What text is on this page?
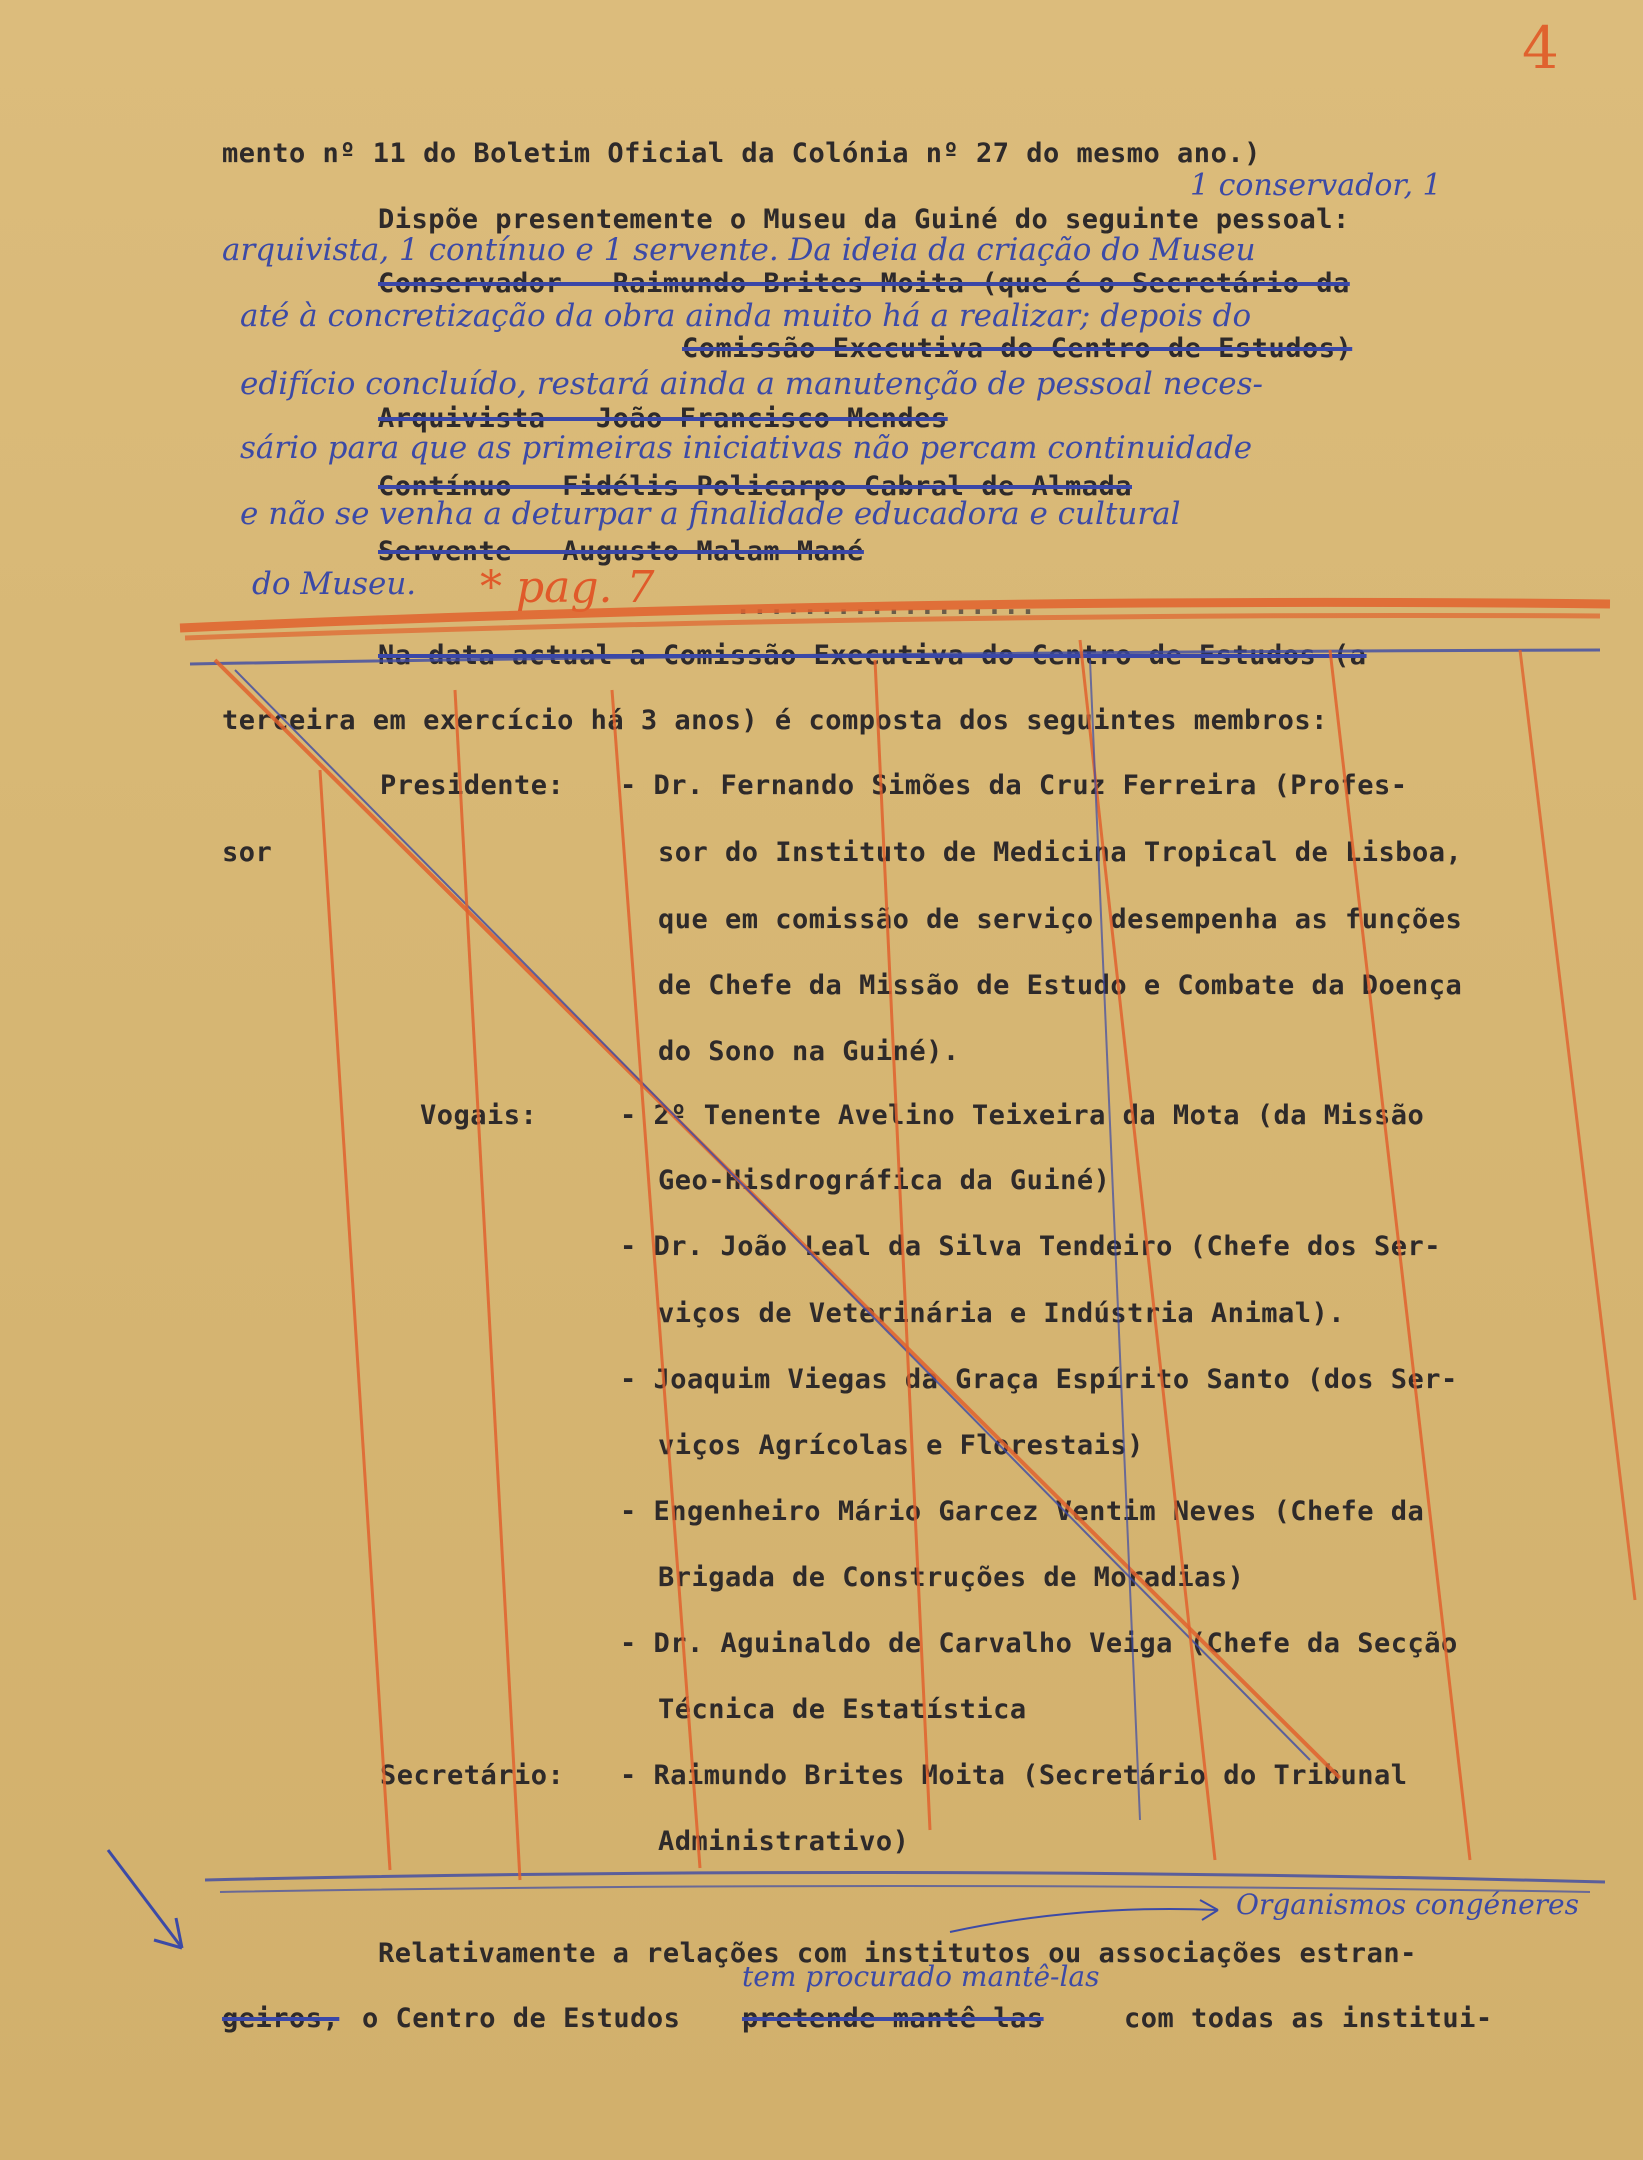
4
mento nº 11 do Boletim Oficial da Colónia nº 27 do mesmo ano.)
Dispõe presentemente o Museu da Guiné do seguinte pessoal:
Conservador - Raimundo Brites Moita (que é o Secretário da
Comissão Executiva do Centro de Estudos)
Arquivista - João Francisco Mendes
Contínuo - Fidélis Policarpo Cabral de Almada
Servente - Augusto Malam Mané
..................
Na data actual a Comissão Executiva do Centro de Estudos (a
terceira em exercício há 3 anos) é composta dos seguintes membros:
Presidente: - Dr. Fernando Simões da Cruz Ferreira (Profes-
sor	sor do Instituto de Medicina Tropical de Lisboa,
que em comissão de serviço desempenha as funções
de Chefe da Missão de Estudo e Combate da Doença
do Sono na Guiné).
Vogais:	- 2º Tenente Avelino Teixeira da Mota (da Missão
Geo-Hisdrográfica da Guiné)
- Dr. João Leal da Silva Tendeiro (Chefe dos Ser-
viços de Veterinária e Indústria Animal).
- Joaquim Viegas da Graça Espírito Santo (dos Ser-
viços Agrícolas e Florestais)
- Engenheiro Mário Garcez Ventim Neves (Chefe da
Brigada de Construções de Moradias)
- Dr. Aguinaldo de Carvalho Veiga (Chefe da Secção
Técnica de Estatística
Secretário: - Raimundo Brites Moita (Secretário do Tribunal
Administrativo)
Relativamente a relações com institutos ou associações estran-
geiros, o Centro de Estudos pretende mantê-las	com todas as institui-
1 conservador, 1
arquivista, 1 contínuo e 1 servente. Da ideia da criação do Museu
até à concretização da obra ainda muito há a realizar; depois do
edifício concluído, restará ainda a manutenção de pessoal neces-
sário para que as primeiras iniciativas não percam continuidade
e não se venha a deturpar a finalidade educadora e cultural
do Museu.
Organismos congéneres
tem procurado mantê-las
* pag. 7
